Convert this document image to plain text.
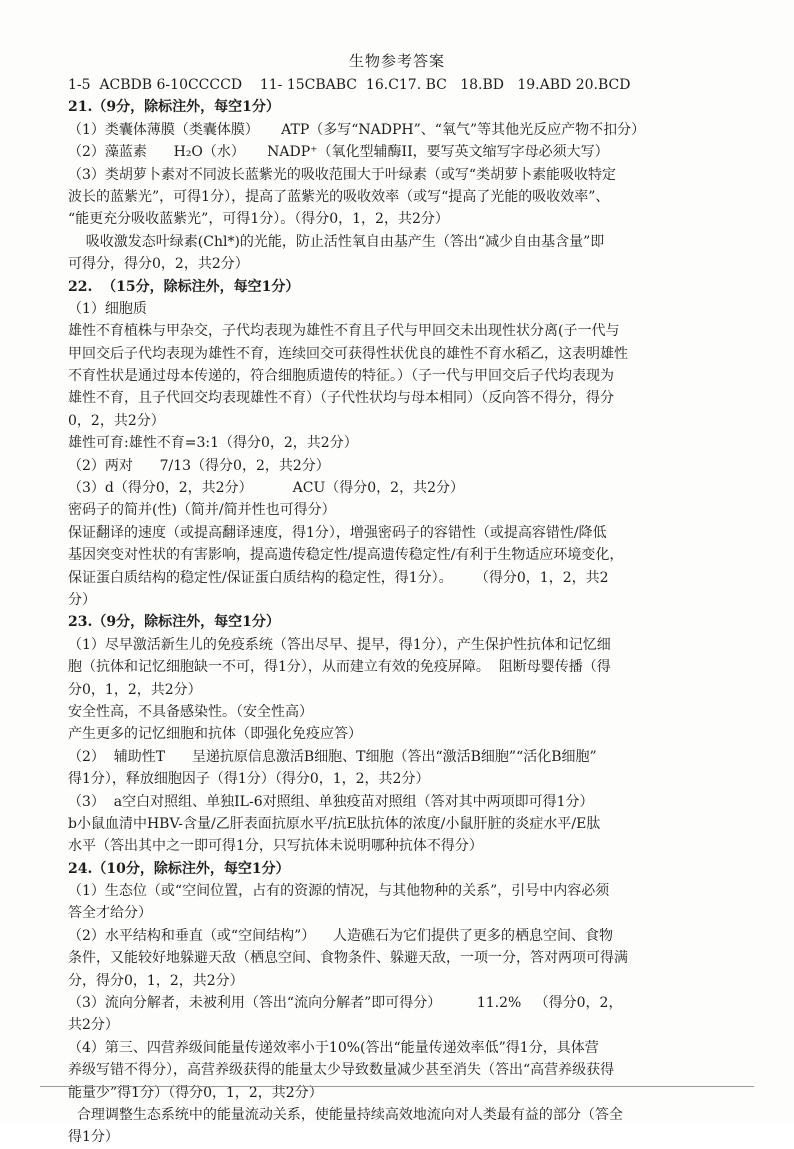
生物参考答案
1-5  ACBDB 6-10CCCCD    11- 15CBABC  16.C17. BC   18.BD   19.ABD 20.BCD
21.（9分，除标注外，每空1分）
（1）类囊体薄膜（类囊体膜）     ATP（多写“NADPH”、“氧气”等其他光反应产物不扣分）
（2）藻蓝素      H₂O（水）     NADP⁺（氧化型辅酶II，要写英文缩写字母必须大写）
（3）类胡萝卜素对不同波长蓝紫光的吸收范围大于叶绿素（或写“类胡萝卜素能吸收特定
波长的蓝紫光”，可得1分），提高了蓝紫光的吸收效率（或写“提高了光能的吸收效率”、
“能更充分吸收蓝紫光”，可得1分）。（得分0，1，2，共2分）
吸收激发态叶绿素(Chl*)的光能，防止活性氧自由基产生（答出“减少自由基含量”即
可得分，得分0，2，共2分）
22.  （15分，除标注外，每空1分）
（1）细胞质
雄性不育植株与甲杂交，子代均表现为雄性不育且子代与甲回交未出现性状分离(子一代与
甲回交后子代均表现为雄性不育，连续回交可获得性状优良的雄性不育水稻乙，这表明雄性
不育性状是通过母本传递的，符合细胞质遗传的特征。）（子一代与甲回交后子代均表现为
雄性不育，且子代回交均表现雄性不育）（子代性状均与母本相同）（反向答不得分，得分
0，2，共2分）
雄性可育:雄性不育=3:1（得分0，2，共2分）
（2）两对      7/13（得分0，2，共2分）
（3）d（得分0，2，共2分）         ACU（得分0，2，共2分）
密码子的简并(性)（简并/简并性也可得分）
保证翻译的速度（或提高翻译速度，得1分），增强密码子的容错性（或提高容错性/降低
基因突变对性状的有害影响，提高遗传稳定性/提高遗传稳定性/有利于生物适应环境变化，
保证蛋白质结构的稳定性/保证蛋白质结构的稳定性，得1分）。     （得分0，1，2，共2
分）
23.（9分，除标注外，每空1分）
（1）尽早激活新生儿的免疫系统（答出尽早、提早，得1分），产生保护性抗体和记忆细
胞（抗体和记忆细胞缺一不可，得1分），从而建立有效的免疫屏障。  阻断母婴传播（得
分0，1，2，共2分）
安全性高，不具备感染性。（安全性高）
产生更多的记忆细胞和抗体（即强化免疫应答）
（2）  辅助性T      呈递抗原信息激活B细胞、T细胞（答出“激活B细胞”“活化B细胞”
得1分），释放细胞因子（得1分）（得分0，1，2，共2分）
（3）  a空白对照组、单独IL-6对照组、单独疫苗对照组（答对其中两项即可得1分）
b小鼠血清中HBV-含量/乙肝表面抗原水平/抗E肽抗体的浓度/小鼠肝脏的炎症水平/E肽
水平（答出其中之一即可得1分，只写抗体未说明哪种抗体不得分）
24.（10分，除标注外，每空1分）
（1）生态位（或“空间位置，占有的资源的情况，与其他物种的关系”，引号中内容必须
答全才给分）
（2）水平结构和垂直（或“空间结构”）    人造礁石为它们提供了更多的栖息空间、食物
条件，又能较好地躲避天敌（栖息空间、食物条件、躲避天敌，一项一分，答对两项可得满
分，得分0，1，2，共2分）
（3）流向分解者，未被利用（答出“流向分解者”即可得分）        11.2%   （得分0，2，
共2分）
（4）第三、四营养级间能量传递效率小于10%(答出“能量传递效率低”得1分，具体营
养级写错不得分），高营养级获得的能量太少导致数量减少甚至消失（答出“高营养级获得
能量少”得1分）（得分0，1，2，共2分）
合理调整生态系统中的能量流动关系，使能量持续高效地流向对人类最有益的部分（答全
得1分）
